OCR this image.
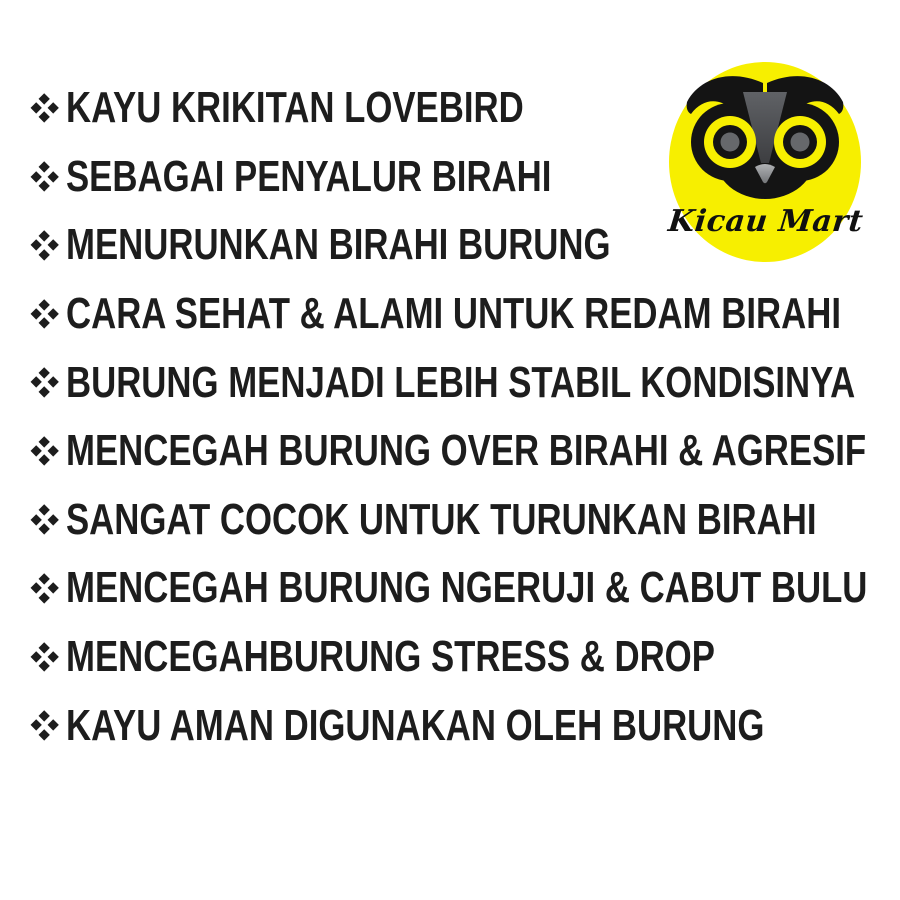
KAYU KRIKITAN LOVEBIRD
SEBAGAI PENYALUR BIRAHI
MENURUNKAN BIRAHI BURUNG
CARA SEHAT & ALAMI UNTUK REDAM BIRAHI
BURUNG MENJADI LEBIH STABIL KONDISINYA
MENCEGAH BURUNG OVER BIRAHI & AGRESIF
SANGAT COCOK UNTUK TURUNKAN BIRAHI
MENCEGAH BURUNG NGERUJI & CABUT BULU
MENCEGAHBURUNG STRESS & DROP
KAYU AMAN DIGUNAKAN OLEH BURUNG
Kicau Mart
